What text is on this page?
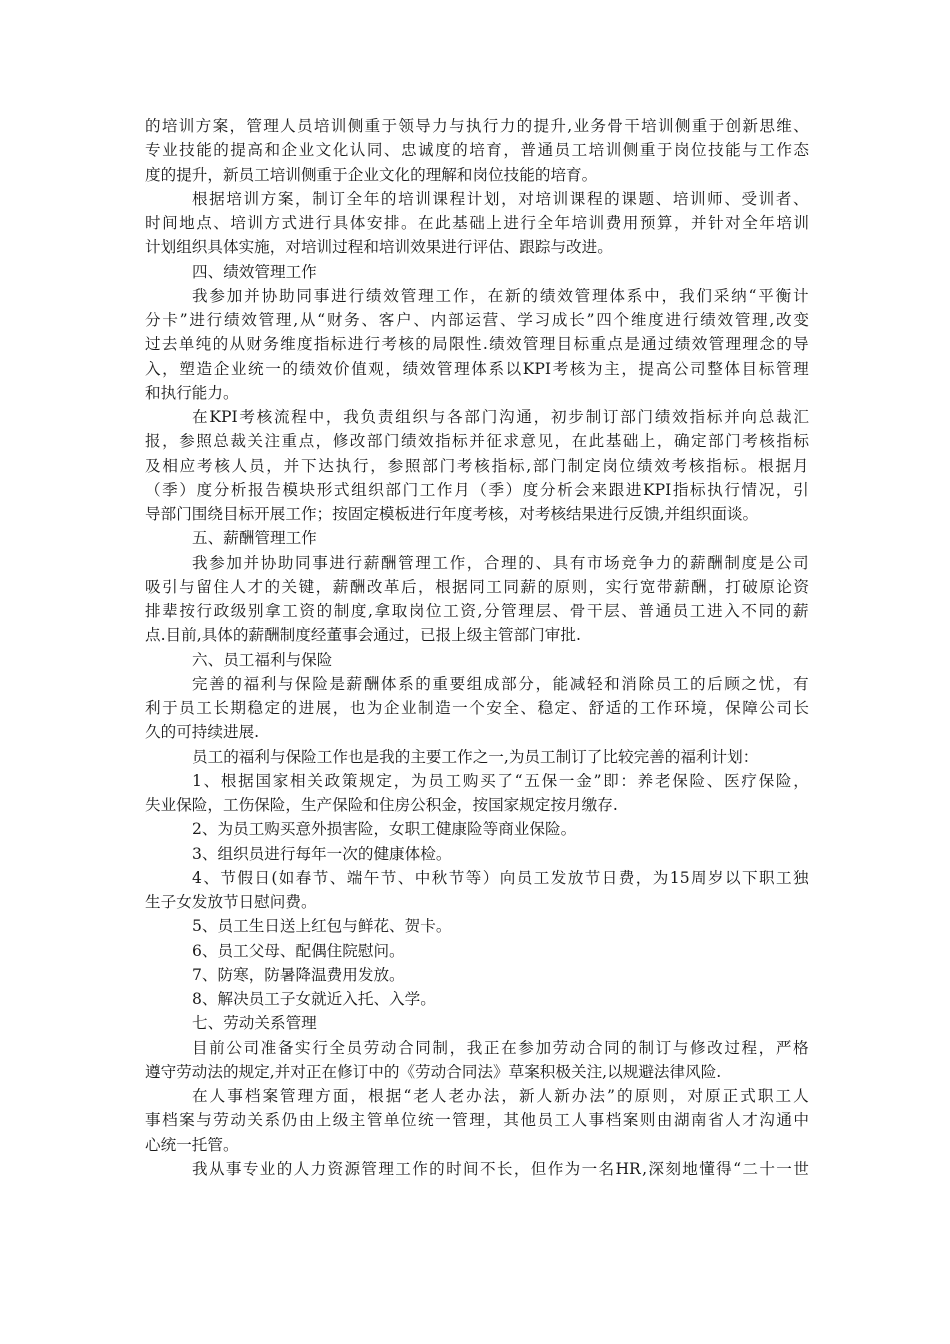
的 培 训 方 案 ， 管 理 人 员 培 训 侧 重 于 领 导 力 与 执 行 力 的 提 升 , 业 务 骨 干 培 训 侧 重 于 创 新 思 维 、
专 业 技 能 的 提 高 和 企 业 文 化 认 同 、 忠 诚 度 的 培 育 ， 普 通 员 工 培 训 侧 重 于 岗 位 技 能 与 工 作 态
度的提升，新员工培训侧重于企业文化的理解和岗位技能的培育。
根 据 培 训 方 案 ， 制 订 全 年 的 培 训 课 程 计 划 ， 对 培 训 课 程 的 课 题 、 培 训 师 、 受 训 者 、
时 间 地 点 、 培 训 方 式 进 行 具 体 安 排 。 在 此 基 础 上 进 行 全 年 培 训 费 用 预 算 ， 并 针 对 全 年 培 训
计划组织具体实施，对培训过程和培训效果进行评估、跟踪与改进。
四、绩效管理工作
我 参 加 并 协 助 同 事 进 行 绩 效 管 理 工 作 ， 在 新 的 绩 效 管 理 体 系 中 ， 我 们 采 纳 “ 平 衡 计
分 卡 ” 进 行 绩 效 管 理 , 从 “ 财 务 、 客 户 、 内 部 运 营 、 学 习 成 长 ” 四 个 维 度 进 行 绩 效 管 理 , 改 变
过 去 单 纯 的 从 财 务 维 度 指 标 进 行 考 核 的 局 限 性 . 绩 效 管 理 目 标 重 点 是 通 过 绩 效 管 理 理 念 的 导
入 ， 塑 造 企 业 统 一 的 绩 效 价 值 观 ， 绩 效 管 理 体 系 以 KPI 考 核 为 主 ， 提 高 公 司 整 体 目 标 管 理
和执行能力。
在 KPI 考 核 流 程 中 ， 我 负 责 组 织 与 各 部 门 沟 通 ， 初 步 制 订 部 门 绩 效 指 标 并 向 总 裁 汇
报 ， 参 照 总 裁 关 注 重 点 ， 修 改 部 门 绩 效 指 标 并 征 求 意 见 ， 在 此 基 础 上 ， 确 定 部 门 考 核 指 标
及 相 应 考 核 人 员 ， 并 下 达 执 行 ， 参 照 部 门 考 核 指 标 , 部 门 制 定 岗 位 绩 效 考 核 指 标 。 根 据 月
（ 季 ） 度 分 析 报 告 模 块 形 式 组 织 部 门 工 作 月 （ 季 ） 度 分 析 会 来 跟 进 KPI 指 标 执 行 情 况 ， 引
导部门围绕目标开展工作；按固定模板进行年度考核，对考核结果进行反馈,并组织面谈。
五、薪酬管理工作
我 参 加 并 协 助 同 事 进 行 薪 酬 管 理 工 作 ， 合 理 的 、 具 有 市 场 竞 争 力 的 薪 酬 制 度 是 公 司
吸 引 与 留 住 人 才 的 关 键 ， 薪 酬 改 革 后 ， 根 据 同 工 同 薪 的 原 则 ， 实 行 宽 带 薪 酬 ， 打 破 原 论 资
排 辈 按 行 政 级 别 拿 工 资 的 制 度 , 拿 取 岗 位 工 资 , 分 管 理 层 、 骨 干 层 、 普 通 员 工 进 入 不 同 的 薪
点.目前,具体的薪酬制度经董事会通过，已报上级主管部门审批.
六、员工福利与保险
完 善 的 福 利 与 保 险 是 薪 酬 体 系 的 重 要 组 成 部 分 ， 能 减 轻 和 消 除 员 工 的 后 顾 之 忧 ， 有
利 于 员 工 长 期 稳 定 的 进 展 ， 也 为 企 业 制 造 一 个 安 全 、 稳 定 、 舒 适 的 工 作 环 境 ， 保 障 公 司 长
久的可持续进展.
员工的福利与保险工作也是我的主要工作之一,为员工制订了比较完善的福利计划：
1 、 根 据 国 家 相 关 政 策 规 定 ， 为 员 工 购 买 了 “ 五 保 一 金 ” 即 ： 养 老 保 险 、 医 疗 保 险 ，
失业保险，工伤保险，生产保险和住房公积金，按国家规定按月缴存.
2、为员工购买意外损害险，女职工健康险等商业保险。
3、组织员进行每年一次的健康体检。
4 、 节 假 日 ( 如 春 节 、 端 午 节 、 中 秋 节 等 ） 向 员 工 发 放 节 日 费 ， 为 15 周 岁 以 下 职 工 独
生子女发放节日慰问费。
5、员工生日送上红包与鲜花、贺卡。
6、员工父母、配偶住院慰问。
7、防寒，防暑降温费用发放。
8、解决员工子女就近入托、入学。
七、劳动关系管理
目 前 公 司 准 备 实 行 全 员 劳 动 合 同 制 ， 我 正 在 参 加 劳 动 合 同 的 制 订 与 修 改 过 程 ， 严 格
遵守劳动法的规定,并对正在修订中的《劳动合同法》草案积极关注,以规避法律风险.
在 人 事 档 案 管 理 方 面 ， 根 据 “ 老 人 老 办 法 ， 新 人 新 办 法 ” 的 原 则 ， 对 原 正 式 职 工 人
事 档 案 与 劳 动 关 系 仍 由 上 级 主 管 单 位 统 一 管 理 ， 其 他 员 工 人 事 档 案 则 由 湖 南 省 人 才 沟 通 中
心统一托管。
我 从 事 专 业 的 人 力 资 源 管 理 工 作 的 时 间 不 长 ， 但 作 为 一 名 HR , 深 刻 地 懂 得 “ 二 十 一 世
